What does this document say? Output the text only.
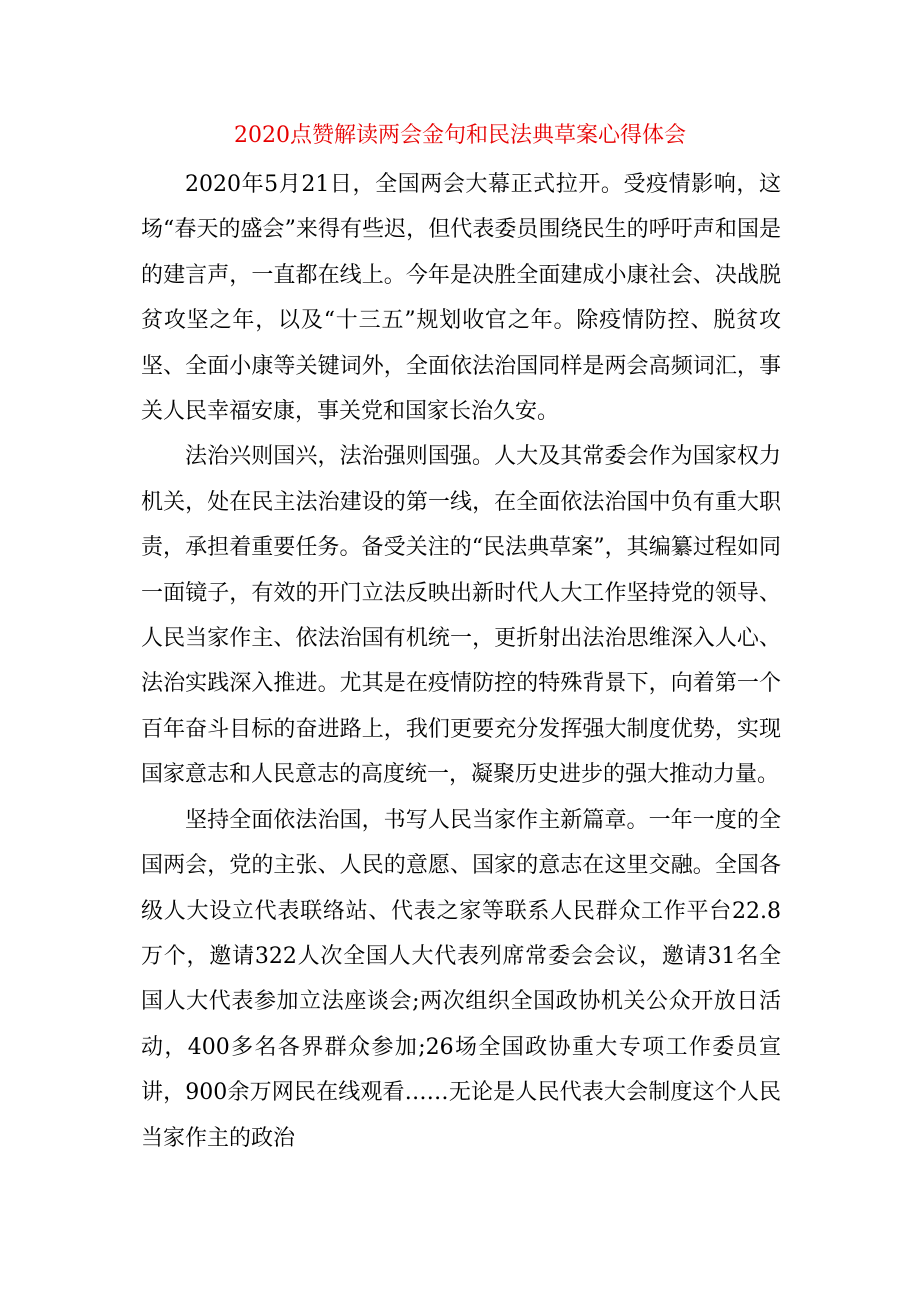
2020点赞解读两会金句和民法典草案心得体会

2020年5月21日，全国两会大幕正式拉开。受疫情影响，这场“春天的盛会”来得有些迟，但代表委员围绕民生的呼吁声和国是的建言声，一直都在线上。今年是决胜全面建成小康社会、决战脱贫攻坚之年，以及“十三五”规划收官之年。除疫情防控、脱贫攻坚、全面小康等关键词外，全面依法治国同样是两会高频词汇，事关人民幸福安康，事关党和国家长治久安。

法治兴则国兴，法治强则国强。人大及其常委会作为国家权力机关，处在民主法治建设的第一线，在全面依法治国中负有重大职责，承担着重要任务。备受关注的“民法典草案”，其编纂过程如同一面镜子，有效的开门立法反映出新时代人大工作坚持党的领导、人民当家作主、依法治国有机统一，更折射出法治思维深入人心、法治实践深入推进。尤其是在疫情防控的特殊背景下，向着第一个百年奋斗目标的奋进路上，我们更要充分发挥强大制度优势，实现国家意志和人民意志的高度统一，凝聚历史进步的强大推动力量。

坚持全面依法治国，书写人民当家作主新篇章。一年一度的全国两会，党的主张、人民的意愿、国家的意志在这里交融。全国各级人大设立代表联络站、代表之家等联系人民群众工作平台22.8万个，邀请322人次全国人大代表列席常委会会议，邀请31名全国人大代表参加立法座谈会;两次组织全国政协机关公众开放日活动，400多名各界群众参加;26场全国政协重大专项工作委员宣讲，900余万网民在线观看……无论是人民代表大会制度这个人民当家作主的政治
